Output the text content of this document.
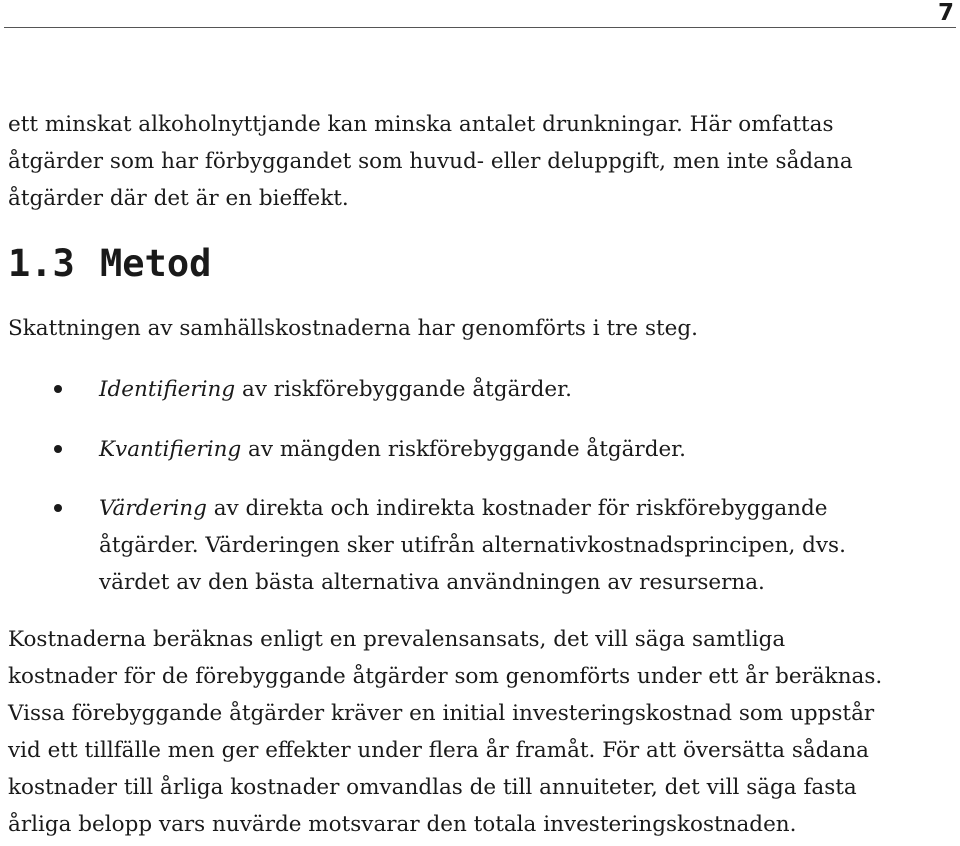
7

ett minskat alkoholnyttjande kan minska antalet drunkningar. Här omfattas
åtgärder som har förbyggandet som huvud- eller deluppgift, men inte sådana
åtgärder där det är en bieffekt.

1.3 Metod

Skattningen av samhällskostnaderna har genomförts i tre steg.

Identifiering av riskförebyggande åtgärder.

Kvantifiering av mängden riskförebyggande åtgärder.

Värdering av direkta och indirekta kostnader för riskförebyggande
åtgärder. Värderingen sker utifrån alternativkostnadsprincipen, dvs.
värdet av den bästa alternativa användningen av resurserna.

Kostnaderna beräknas enligt en prevalensansats, det vill säga samtliga
kostnader för de förebyggande åtgärder som genomförts under ett år beräknas.
Vissa förebyggande åtgärder kräver en initial investeringskostnad som uppstår
vid ett tillfälle men ger effekter under flera år framåt. För att översätta sådana
kostnader till årliga kostnader omvandlas de till annuiteter, det vill säga fasta
årliga belopp vars nuvärde motsvarar den totala investeringskostnaden.
